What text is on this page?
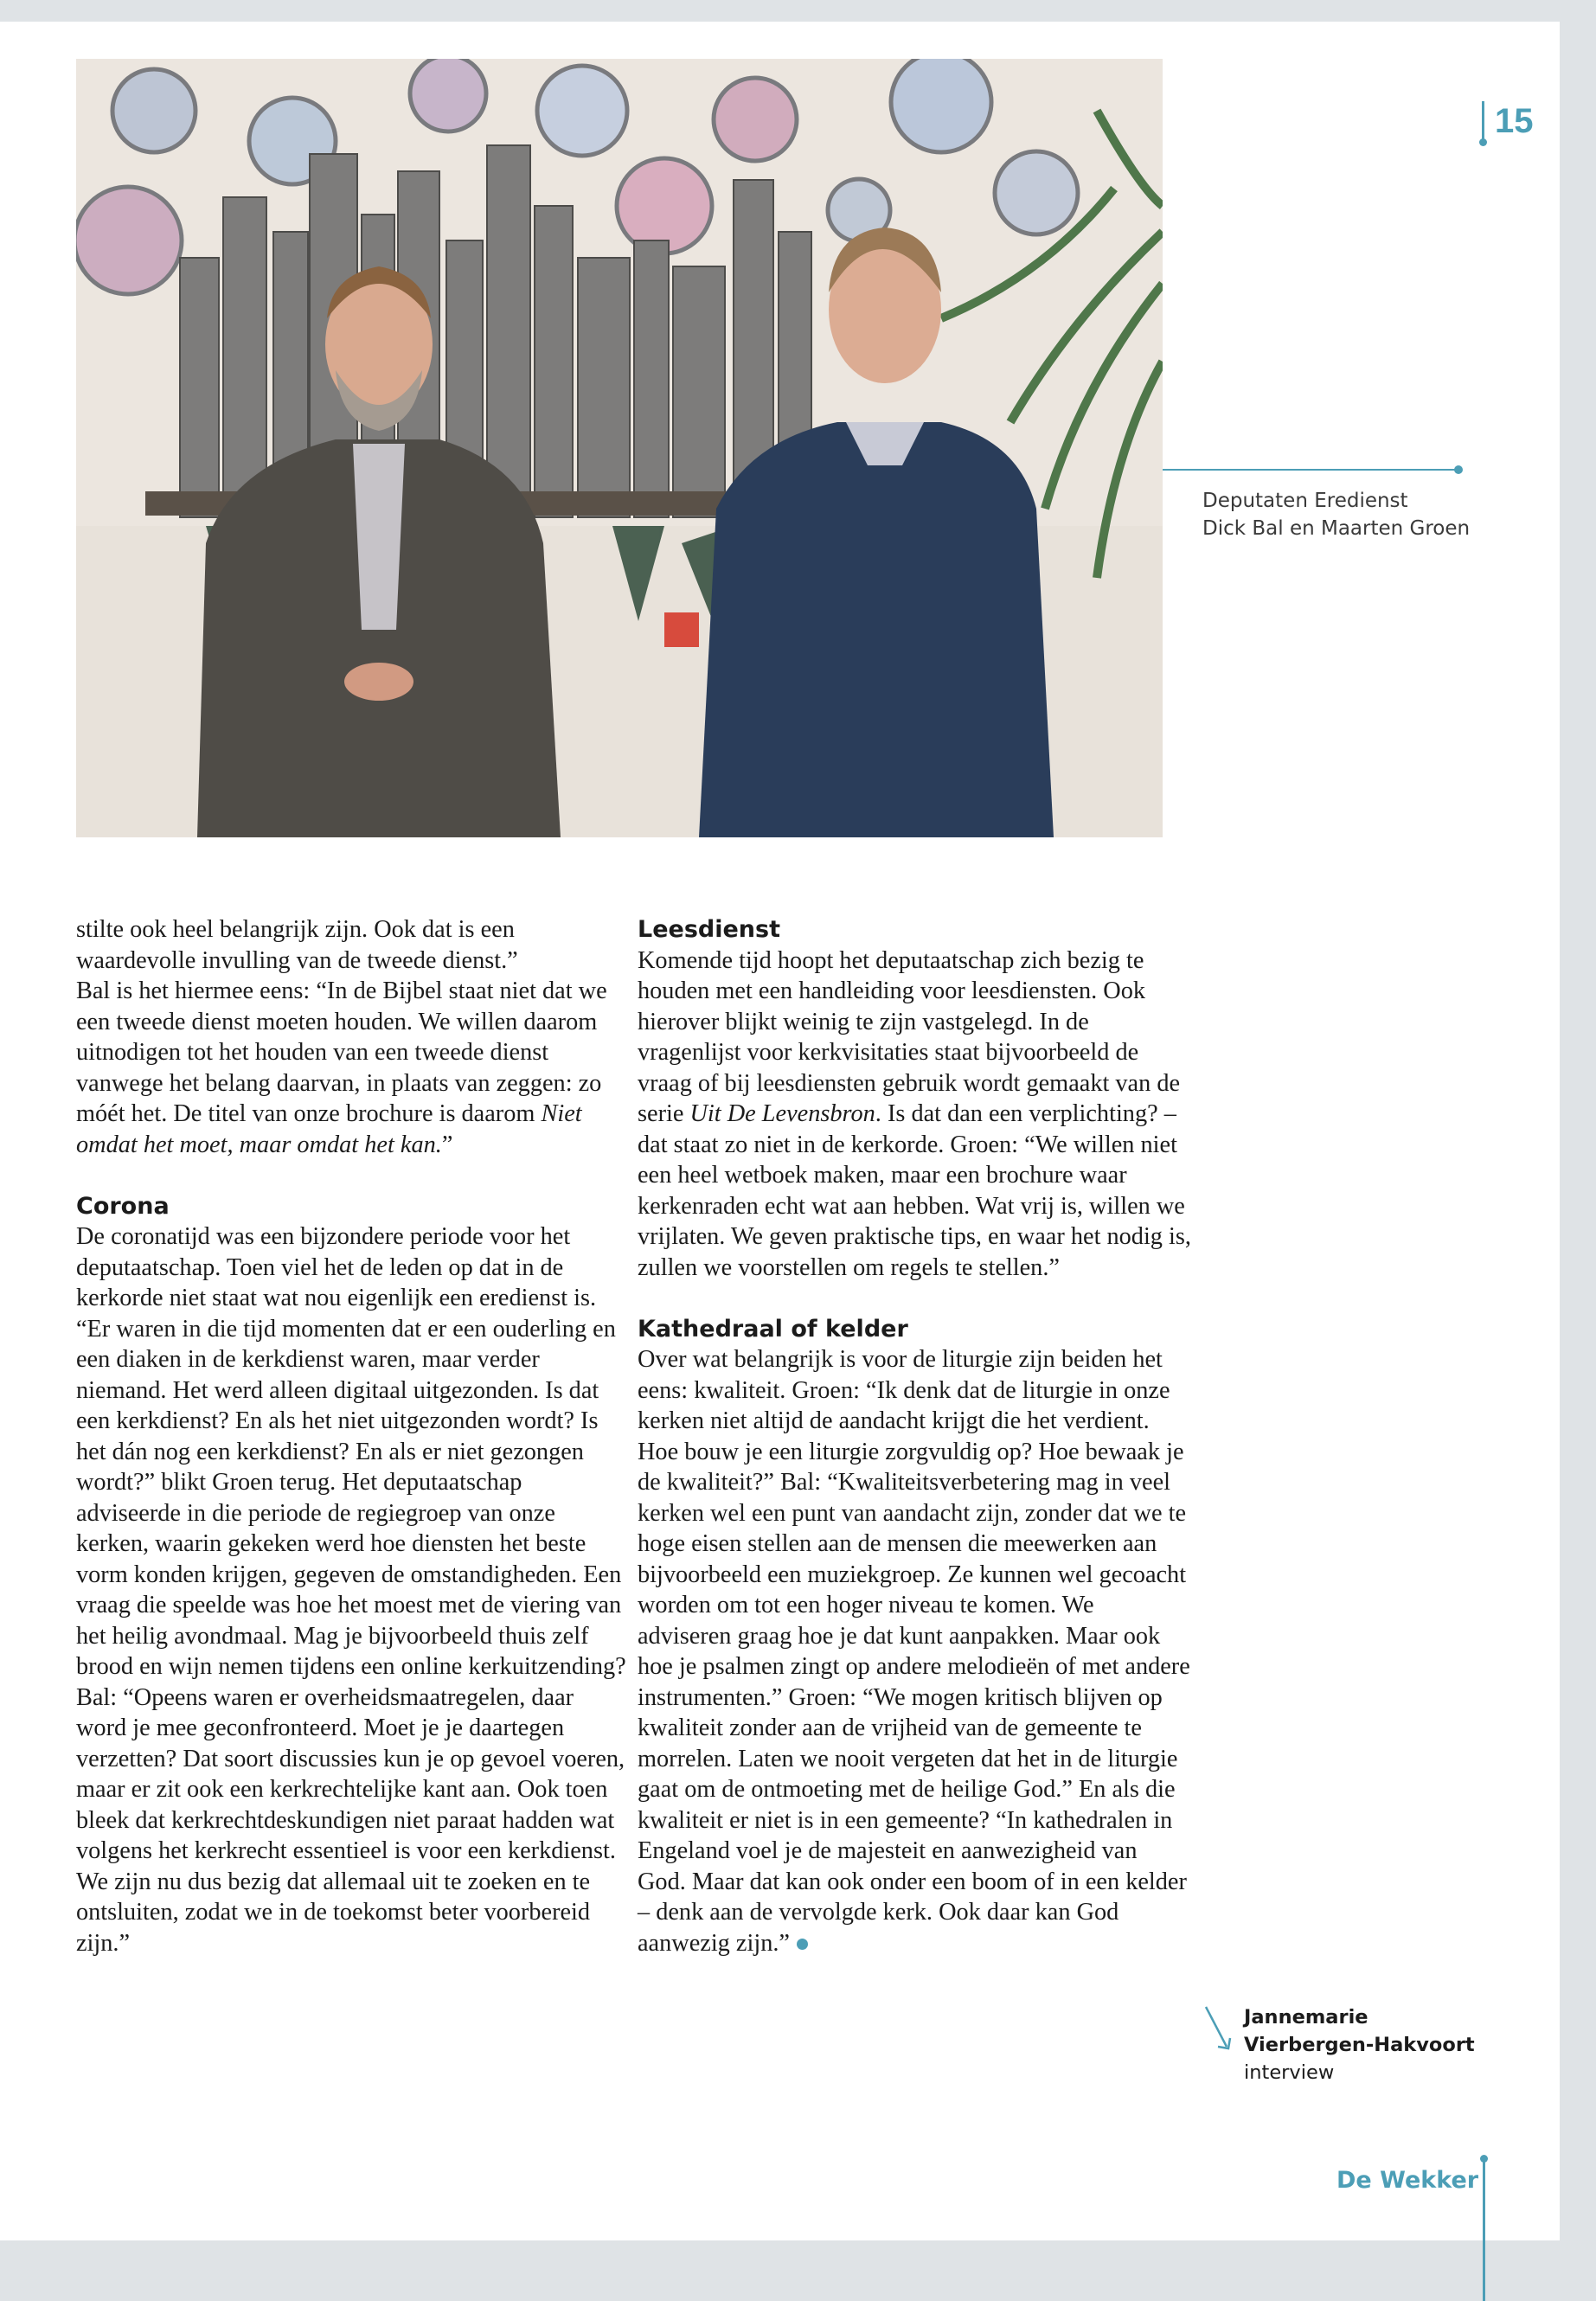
15
Deputaten Eredienst
Dick Bal en Maarten Groen

stilte ook heel belangrijk zijn. Ook dat is een waardevolle invulling van de tweede dienst.”

Bal is het hiermee eens: “In de Bijbel staat niet dat we een tweede dienst moeten houden. We willen daarom uitnodigen tot het houden van een tweede dienst vanwege het belang daarvan, in plaats van zeggen: zo móét het. De titel van onze brochure is daarom Niet omdat het moet, maar omdat het kan.”

Corona

De coronatijd was een bijzondere periode voor het deputaatschap. Toen viel het de leden op dat in de kerkorde niet staat wat nou eigenlijk een eredienst is. “Er waren in die tijd momenten dat er een ouderling en een diaken in de kerkdienst waren, maar verder niemand. Het werd alleen digitaal uitgezonden. Is dat een kerkdienst? En als het niet uitgezonden wordt? Is het dán nog een kerkdienst? En als er niet gezongen wordt?” blikt Groen terug. Het deputaatschap adviseerde in die periode de regiegroep van onze kerken, waarin gekeken werd hoe diensten het beste vorm konden krijgen, gegeven de omstandigheden. Een vraag die speelde was hoe het moest met de viering van het heilig avondmaal. Mag je bijvoorbeeld thuis zelf brood en wijn nemen tijdens een online kerkuitzending? Bal: “Opeens waren er overheidsmaatregelen, daar word je mee geconfronteerd. Moet je je daartegen verzetten? Dat soort discussies kun je op gevoel voeren, maar er zit ook een kerkrechtelijke kant aan. Ook toen bleek dat kerkrechtdeskundigen niet paraat hadden wat volgens het kerkrecht essentieel is voor een kerkdienst. We zijn nu dus bezig dat allemaal uit te zoeken en te ontsluiten, zodat we in de toekomst beter voorbereid zijn.”

Leesdienst

Komende tijd hoopt het deputaatschap zich bezig te houden met een handleiding voor leesdiensten. Ook hierover blijkt weinig te zijn vastgelegd. In de vragenlijst voor kerkvisitaties staat bijvoorbeeld de vraag of bij leesdiensten gebruik wordt gemaakt van de serie Uit De Levensbron. Is dat dan een verplichting? – dat staat zo niet in de kerkorde. Groen: “We willen niet een heel wetboek maken, maar een brochure waar kerkenraden echt wat aan hebben. Wat vrij is, willen we vrijlaten. We geven praktische tips, en waar het nodig is, zullen we voorstellen om regels te stellen.”

Kathedraal of kelder

Over wat belangrijk is voor de liturgie zijn beiden het eens: kwaliteit. Groen: “Ik denk dat de liturgie in onze kerken niet altijd de aandacht krijgt die het verdient. Hoe bouw je een liturgie zorgvuldig op? Hoe bewaak je de kwaliteit?” Bal: “Kwaliteitsverbetering mag in veel kerken wel een punt van aandacht zijn, zonder dat we te hoge eisen stellen aan de mensen die meewerken aan bijvoorbeeld een muziekgroep. Ze kunnen wel gecoacht worden om tot een hoger niveau te komen. We adviseren graag hoe je dat kunt aanpakken. Maar ook hoe je psalmen zingt op andere melodieën of met andere instrumenten.” Groen: “We mogen kritisch blijven op kwaliteit zonder aan de vrijheid van de gemeente te morrelen. Laten we nooit vergeten dat het in de liturgie gaat om de ontmoeting met de heilige God.” En als die kwaliteit er niet is in een gemeente? “In kathedralen in Engeland voel je de majesteit en aanwezigheid van God. Maar dat kan ook onder een boom of in een kelder – denk aan de vervolgde kerk. Ook daar kan God aanwezig zijn.”

Jannemarie
Vierbergen-Hakvoort
interview
De Wekker
